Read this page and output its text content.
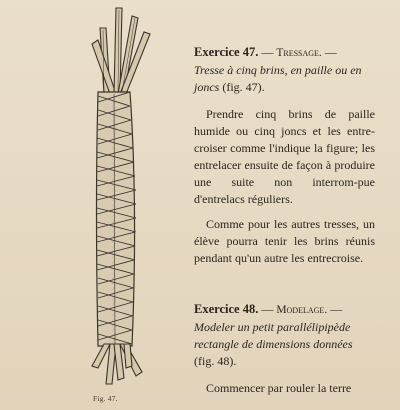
Fig. 47.

Exercice 47. — Tressage. —
Tresse à cinq brins, en paille ou en joncs (fig. 47).

Prendre cinq brins de paille humide ou cinq joncs et les entre-croiser comme l'indique la figure; les entrelacer ensuite de façon à produire une suite non interrom-pue d'entrelacs réguliers.

Comme pour les autres tresses, un élève pourra tenir les brins réunis pendant qu'un autre les entrecroise.

Exercice 48. — Modelage. —
Modeler un petit parallélipipède rectangle de dimensions données (fig. 48).

Commencer par rouler la terre
